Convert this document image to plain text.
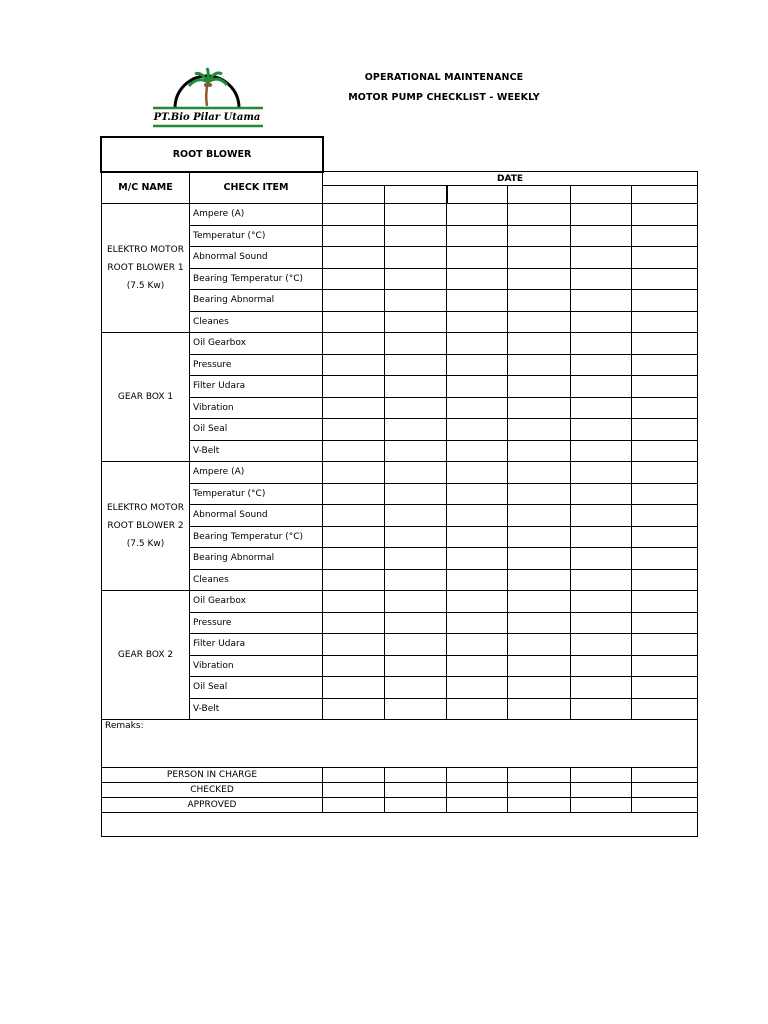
PT.Bio Pilar Utama
OPERATIONAL MAINTENANCE
MOTOR PUMP CHECKLIST - WEEKLY
ROOT BLOWER
M/C NAME	CHECK ITEM	DATE					

ELEKTRO MOTOR
ROOT BLOWER 1
(7.5 Kw)	Ampere (A)						
	Temperatur (°C)						
	Abnormal Sound						
	Bearing Temperatur (°C)						
	Bearing Abnormal						
	Cleanes						

GEAR BOX 1	Oil Gearbox						
	Pressure						
	Filter Udara						
	Vibration						
	Oil Seal						
	V-Belt						

ELEKTRO MOTOR
ROOT BLOWER 2
(7.5 Kw)	Ampere (A)						
	Temperatur (°C)						
	Abnormal Sound						
	Bearing Temperatur (°C)						
	Bearing Abnormal						
	Cleanes						

GEAR BOX 2	Oil Gearbox						
	Pressure						
	Filter Udara						
	Vibration						
	Oil Seal						
	V-Belt						
Remaks:							
PERSON IN CHARGE							
CHECKED							
APPROVED							
